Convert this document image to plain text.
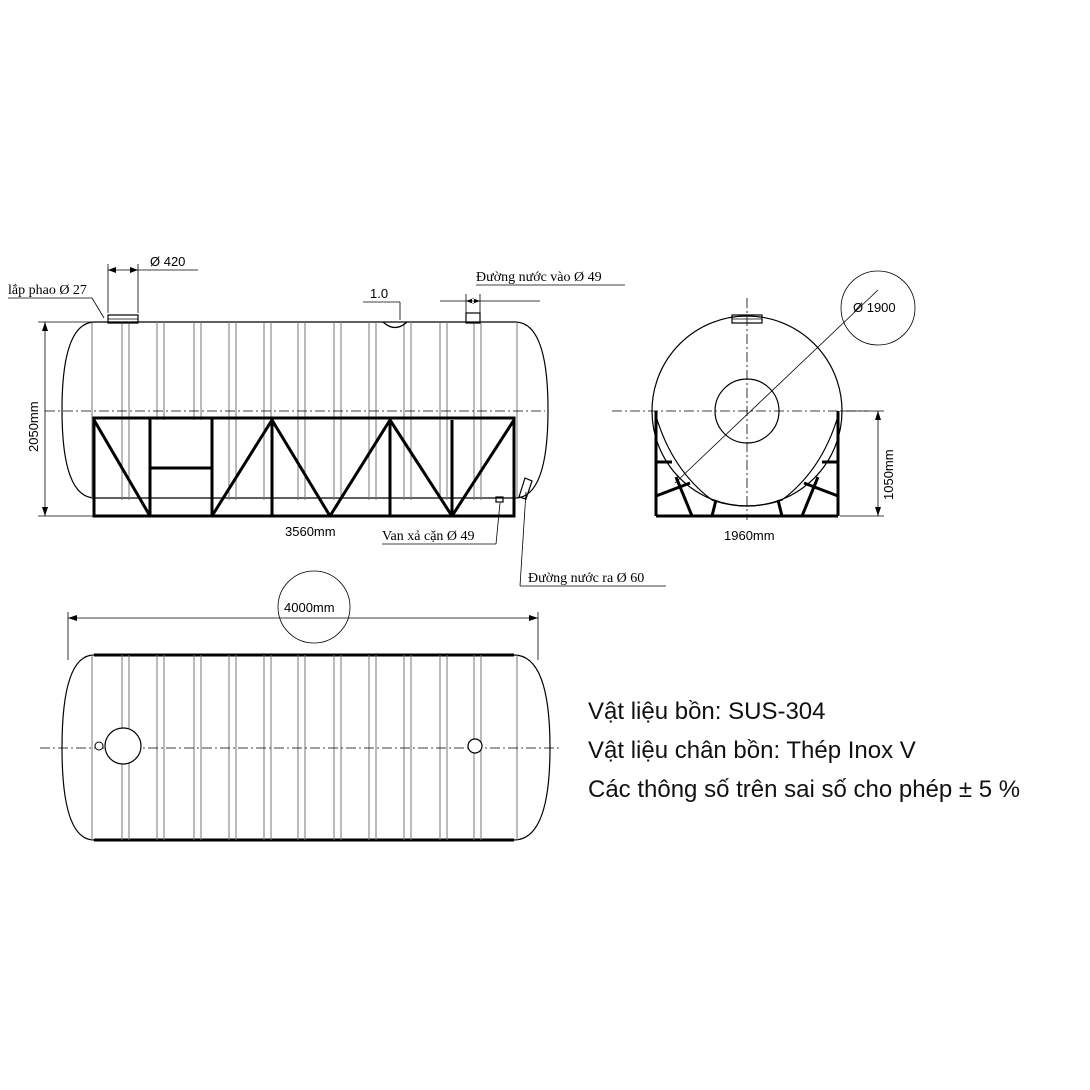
2050mm
lắp phao Ø 27
Ø 420
1.0
Đường nước vào Ø 49
3560mm	Van xả cặn Ø 49
Đường nước ra Ø 60
Ø 1900
1050mm
1960mm
4000mm
Vật liệu bồn: SUS-304
Vật liệu chân bồn: Thép Inox V
Các thông số trên sai số cho phép ± 5 %
